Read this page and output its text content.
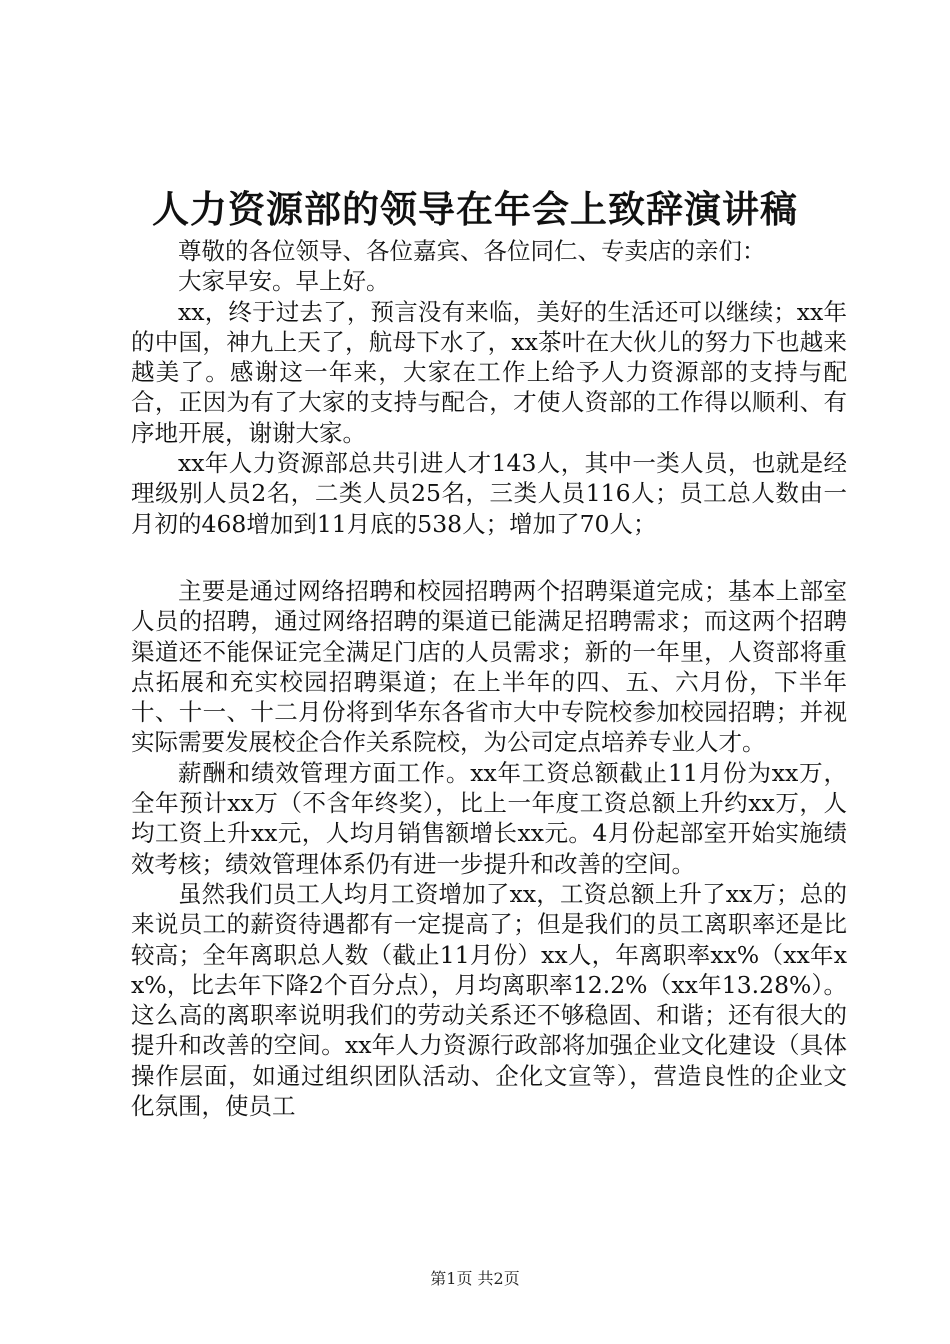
人力资源部的领导在年会上致辞演讲稿

尊敬的各位领导、各位嘉宾、各位同仁、专卖店的亲们：

大家早安。早上好。

xx，终于过去了，预言没有来临，美好的生活还可以继续；xx年的中国，神九上天了，航母下水了，xx茶叶在大伙儿的努力下也越来越美了。感谢这一年来，大家在工作上给予人力资源部的支持与配合，正因为有了大家的支持与配合，才使人资部的工作得以顺利、有序地开展，谢谢大家。

xx年人力资源部总共引进人才143人，其中一类人员，也就是经理级别人员2名，二类人员25名，三类人员116人；员工总人数由一月初的468增加到11月底的538人；增加了70人；

主要是通过网络招聘和校园招聘两个招聘渠道完成；基本上部室人员的招聘，通过网络招聘的渠道已能满足招聘需求；而这两个招聘渠道还不能保证完全满足门店的人员需求；新的一年里，人资部将重点拓展和充实校园招聘渠道；在上半年的四、五、六月份，下半年十、十一、十二月份将到华东各省市大中专院校参加校园招聘；并视实际需要发展校企合作关系院校，为公司定点培养专业人才。

薪酬和绩效管理方面工作。xx年工资总额截止11月份为xx万，全年预计xx万（不含年终奖），比上一年度工资总额上升约xx万，人均工资上升xx元，人均月销售额增长xx元。4月份起部室开始实施绩效考核；绩效管理体系仍有进一步提升和改善的空间。

虽然我们员工人均月工资增加了xx，工资总额上升了xx万；总的来说员工的薪资待遇都有一定提高了；但是我们的员工离职率还是比较高；全年离职总人数（截止11月份）xx人，年离职率xx%（xx年xx%，比去年下降2个百分点），月均离职率12.2%（xx年13.28%）。这么高的离职率说明我们的劳动关系还不够稳固、和谐；还有很大的提升和改善的空间。xx年人力资源行政部将加强企业文化建设（具体操作层面，如通过组织团队活动、企化文宣等），营造良性的企业文化氛围，使员工

第1页 共2页
